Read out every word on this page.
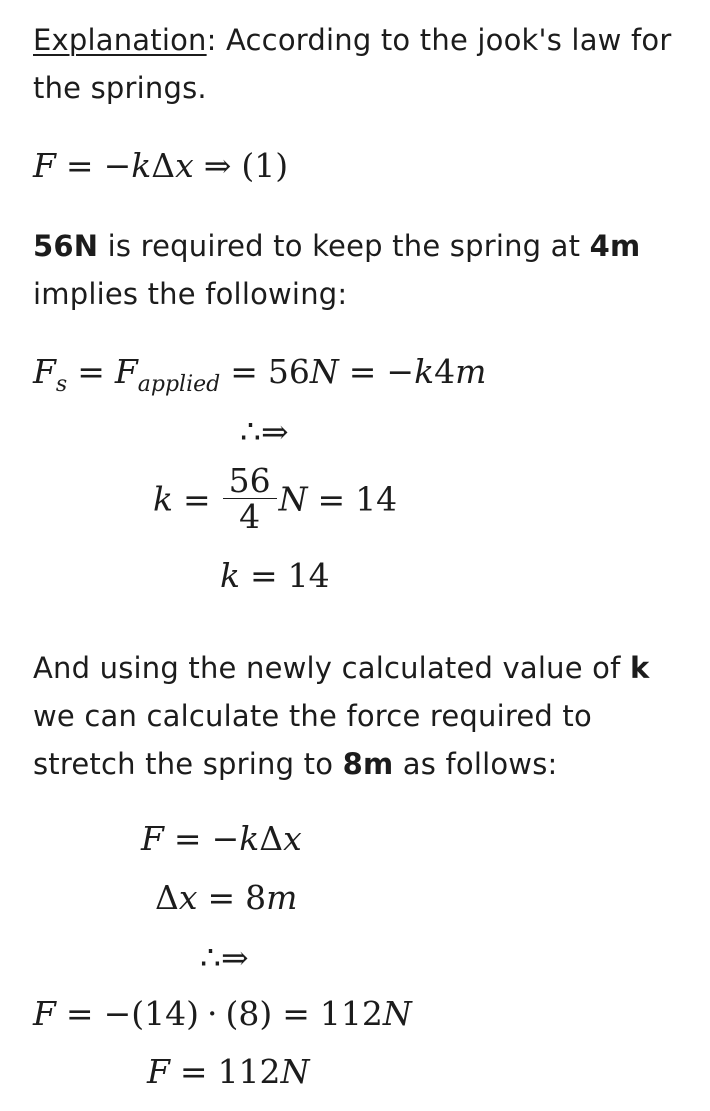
Explanation: According to the jook's law for the springs.
F = −kΔx ⇒ (1)
56N is required to keep the spring at 4m implies the following:
$F_s = F_{applied} = 56N = -k4m$
∴⇒
$k = \frac{56}{4}$ N = 14
k = 14
And using the newly calculated value of k we can calculate the force required to stretch the spring to 8m as follows:
F = −kΔx
Δx = 8m
∴⇒
F = −(14) · (8) = 112N
F = 112N
